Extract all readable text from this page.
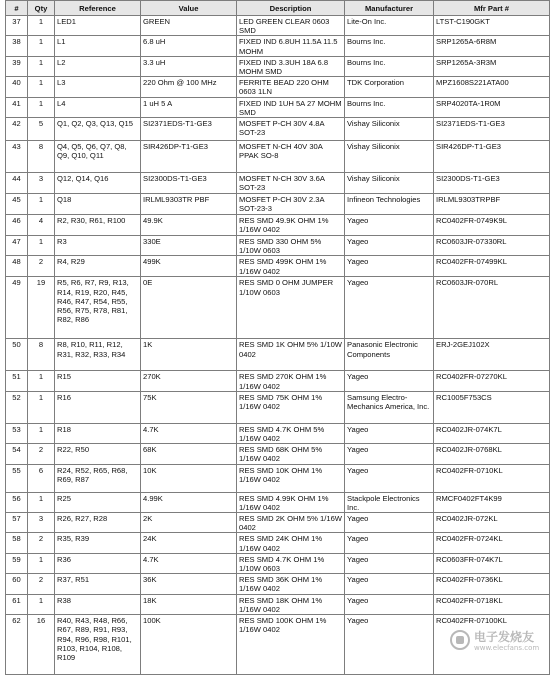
#	Qty	Reference	Value	Description	Manufacturer	Mfr Part #
37	1	LED1	GREEN	LED GREEN CLEAR 0603 SMD	Lite-On Inc.	LTST-C190GKT
38	1	L1	6.8 uH	FIXED IND 6.8UH 11.5A 11.5 MOHM	Bourns Inc.	SRP1265A-6R8M
39	1	L2	3.3 uH	FIXED IND 3.3UH 18A 6.8 MOHM SMD	Bourns Inc.	SRP1265A-3R3M
40	1	L3	220 Ohm @ 100 MHz	FERRITE BEAD 220 OHM 0603 1LN	TDK Corporation	MPZ1608S221ATA00
41	1	L4	1 uH 5 A	FIXED IND 1UH 5A 27 MOHM SMD	Bourns Inc.	SRP4020TA-1R0M
42	5	Q1, Q2, Q3, Q13, Q15	SI2371EDS-T1-GE3	MOSFET P-CH 30V 4.8A SOT-23	Vishay Siliconix	SI2371EDS-T1-GE3
43	8	Q4, Q5, Q6, Q7, Q8, Q9, Q10, Q11	SIR426DP-T1-GE3	MOSFET N-CH 40V 30A PPAK SO-8	Vishay Siliconix	SIR426DP-T1-GE3
44	3	Q12, Q14, Q16	SI2300DS-T1-GE3	MOSFET N-CH 30V 3.6A SOT-23	Vishay Siliconix	SI2300DS-T1-GE3
45	1	Q18	IRLML9303TR PBF	MOSFET P-CH 30V 2.3A SOT-23-3	Infineon Technologies	IRLML9303TRPBF
46	4	R2, R30, R61, R100	49.9K	RES SMD 49.9K OHM 1% 1/16W 0402	Yageo	RC0402FR-0749K9L
47	1	R3	330E	RES SMD 330 OHM 5% 1/10W 0603	Yageo	RC0603JR-07330RL
48	2	R4, R29	499K	RES SMD 499K OHM 1% 1/16W 0402	Yageo	RC0402FR-07499KL
49	19	R5, R6, R7, R9, R13, R14, R19, R20, R45, R46, R47, R54, R55, R56, R75, R78, R81, R82, R86	0E	RES SMD 0 OHM JUMPER 1/10W 0603	Yageo	RC0603JR-070RL
50	8	R8, R10, R11, R12, R31, R32, R33, R34	1K	RES SMD 1K OHM 5% 1/10W 0402	Panasonic Electronic Components	ERJ-2GEJ102X
51	1	R15	270K	RES SMD 270K OHM 1% 1/16W 0402	Yageo	RC0402FR-07270KL
52	1	R16	75K	RES SMD 75K OHM 1% 1/16W 0402	Samsung Electro-Mechanics America, Inc.	RC1005F753CS
53	1	R18	4.7K	RES SMD 4.7K OHM 5% 1/16W 0402	Yageo	RC0402JR-074K7L
54	2	R22, R50	68K	RES SMD 68K OHM 5% 1/16W 0402	Yageo	RC0402JR-0768KL
55	6	R24, R52, R65, R68, R69, R87	10K	RES SMD 10K OHM 1% 1/16W 0402	Yageo	RC0402FR-0710KL
56	1	R25	4.99K	RES SMD 4.99K OHM 1% 1/16W 0402	Stackpole Electronics Inc.	RMCF0402FT4K99
57	3	R26, R27, R28	2K	RES SMD 2K OHM 5% 1/16W 0402	Yageo	RC0402JR-072KL
58	2	R35, R39	24K	RES SMD 24K OHM 1% 1/16W 0402	Yageo	RC0402FR-0724KL
59	1	R36	4.7K	RES SMD 4.7K OHM 1% 1/10W 0603	Yageo	RC0603FR-074K7L
60	2	R37, R51	36K	RES SMD 36K OHM 1% 1/16W 0402	Yageo	RC0402FR-0736KL
61	1	R38	18K	RES SMD 18K OHM 1% 1/16W 0402	Yageo	RC0402FR-0718KL
62	16	R40, R43, R48, R66, R67, R89, R91, R93, R94, R96, R98, R101, R103, R104, R108, R109	100K	RES SMD 100K OHM 1% 1/16W 0402	Yageo	RC0402FR-07100KL
电子发烧友
www.elecfans.com
